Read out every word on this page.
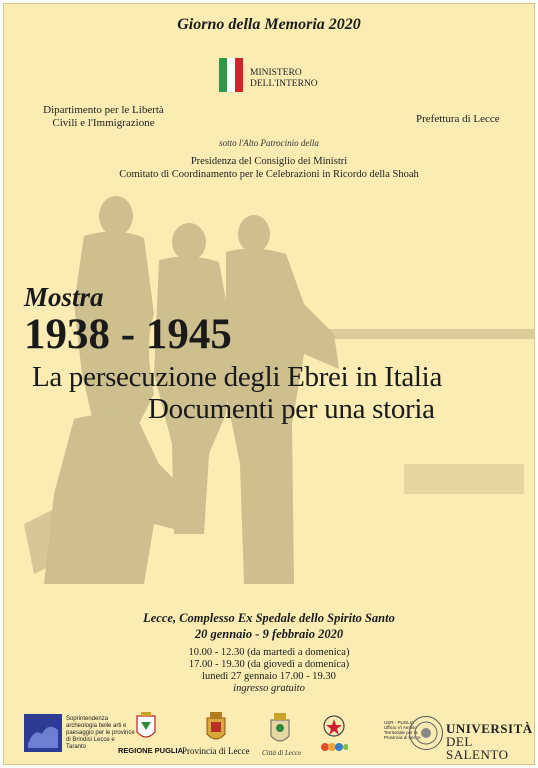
Giorno della Memoria 2020
MINISTERO
DELL'INTERNO
Dipartimento per le Libertà
Civili e l'Immigrazione	Prefettura di Lecce
sotto l'Alto Patrocinio della
Presidenza del Consiglio dei Ministri
Comitato di Coordinamento per le Celebrazioni in Ricordo della Shoah
Mostra
1938 - 1945
La persecuzione degli Ebrei in Italia
Documenti per una storia
Lecce, Complesso Ex Spedale dello Spirito Santo
20 gennaio - 9 febbraio 2020
10.00 - 12.30 (da martedì a domenica)
17.00 - 19.30 (da giovedì a domenica)
lunedì 27 gennaio 17.00 - 19.30
ingresso gratuito
Soprintendenza archeologia belle arti e paesaggio per le province di Brindisi Lecce e Taranto	REGIONE PUGLIA
Provincia di Lecce Città di Lecce
USR - PUGLIA Ufficio VI Ambito Territoriale per la Provincia di Lecce
UNIVERSITÀ
DEL SALENTO
